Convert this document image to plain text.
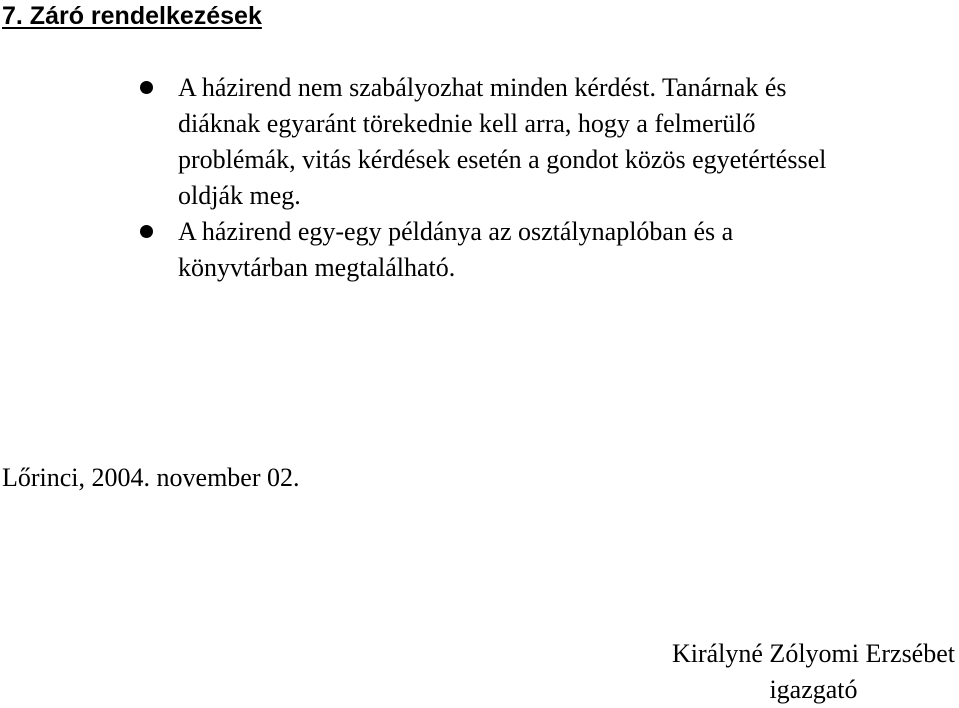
7. Záró rendelkezések
A házirend nem szabályozhat minden kérdést. Tanárnak és
diáknak egyaránt törekednie kell arra, hogy a felmerülő
problémák, vitás kérdések esetén a gondot közös egyetértéssel
oldják meg.
A házirend egy-egy példánya az osztálynaplóban és a
könyvtárban megtalálható.

Lőrinci, 2004. november 02.

Királyné Zólyomi Erzsébet
igazgató
